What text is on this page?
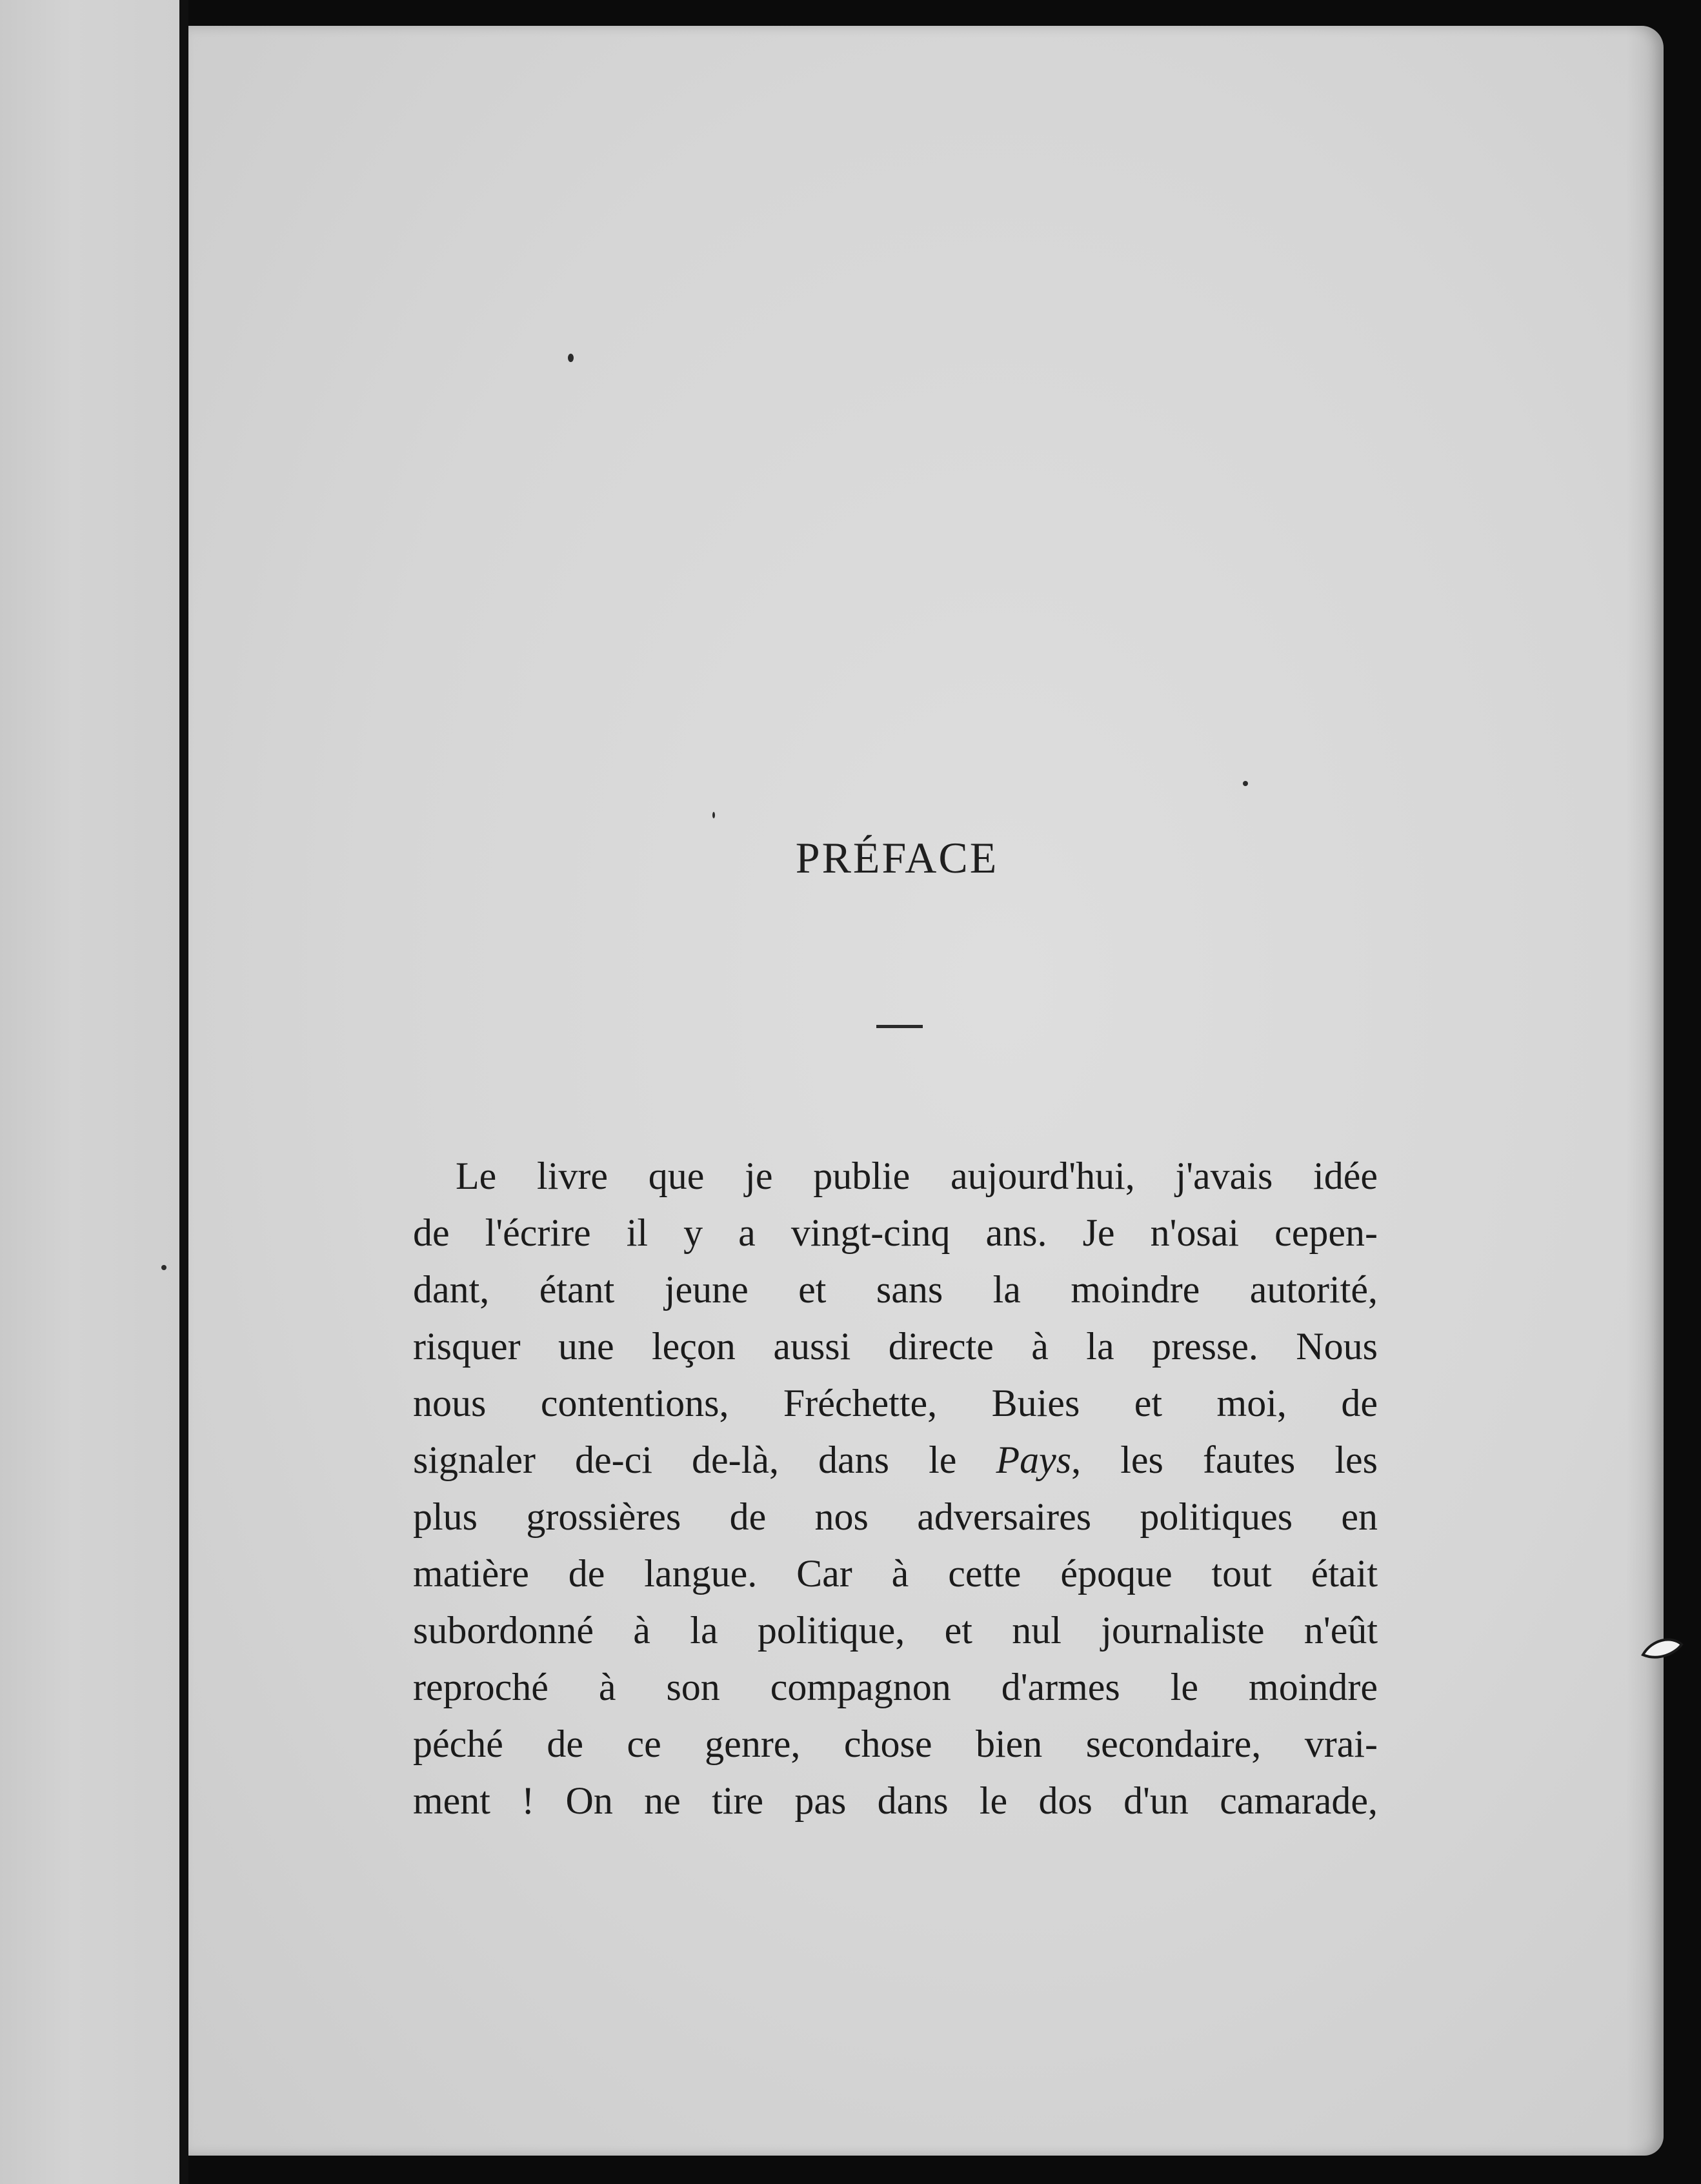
PRÉFACE
Le livre que je publie aujourd'hui, j'avais idée
de l'écrire il y a vingt-cinq ans. Je n'osai cepen-
dant, étant jeune et sans la moindre autorité,
risquer une leçon aussi directe à la presse. Nous
nous contentions, Fréchette, Buies et moi, de
signaler de-ci de-là, dans le Pays, les fautes les
plus grossières de nos adversaires politiques en
matière de langue. Car à cette époque tout était
subordonné à la politique, et nul journaliste n'eût
reproché à son compagnon d'armes le moindre
péché de ce genre, chose bien secondaire, vrai-
ment ! On ne tire pas dans le dos d'un camarade,
